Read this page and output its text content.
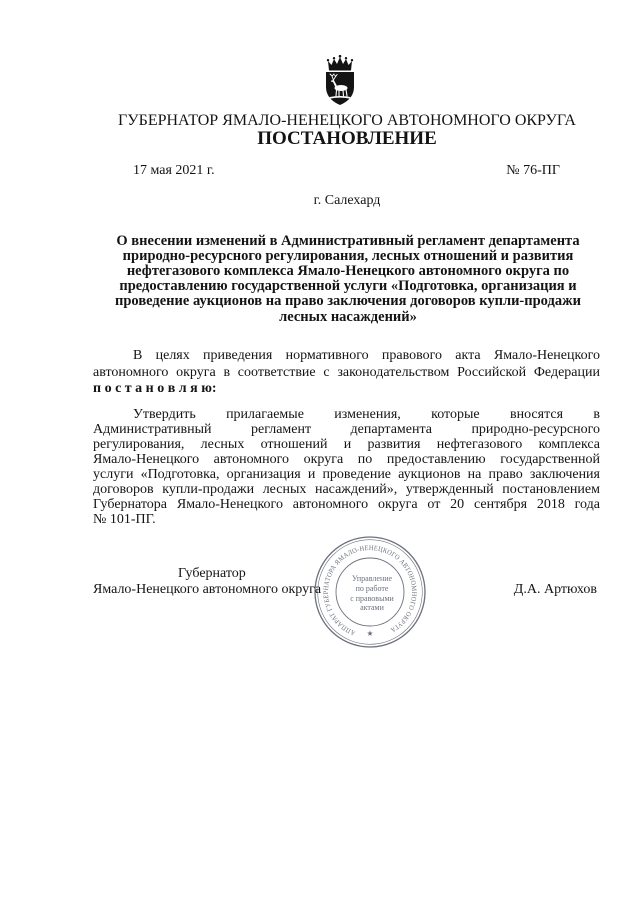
ГУБЕРНАТОР ЯМАЛО-НЕНЕЦКОГО АВТОНОМНОГО ОКРУГА
ПОСТАНОВЛЕНИЕ
17 мая 2021 г.	№ 76-ПГ
г. Салехард
О внесении изменений в Административный регламент департамента
природно-ресурсного регулирования, лесных отношений и развития
нефтегазового комплекса Ямало-Ненецкого автономного округа по
предоставлению государственной услуги «Подготовка, организация и
проведение аукционов на право заключения договоров купли-продажи
лесных насаждений»
В целях приведения нормативного правового акта Ямало-Ненецкого
автономного округа в соответствие с законодательством Российской Федерации
п о с т а н о в л я ю:
Утвердить прилагаемые изменения, которые вносятся в
Административный регламент департамента природно-ресурсного
регулирования, лесных отношений и развития нефтегазового комплекса
Ямало-Ненецкого автономного округа по предоставлению государственной
услуги «Подготовка, организация и проведение аукционов на право заключения
договоров купли-продажи лесных насаждений», утвержденный постановлением
Губернатора Ямало-Ненецкого автономного округа от 20 сентября 2018 года
№ 101-ПГ.
Губернатор
Ямало-Ненецкого автономного округа	Д.А. Артюхов
АППАРАТ ГУБЕРНАТОРА ЯМАЛО-НЕНЕЦКОГО АВТОНОМНОГО ОКРУГА
Управление
по работе
с правовыми
актами
